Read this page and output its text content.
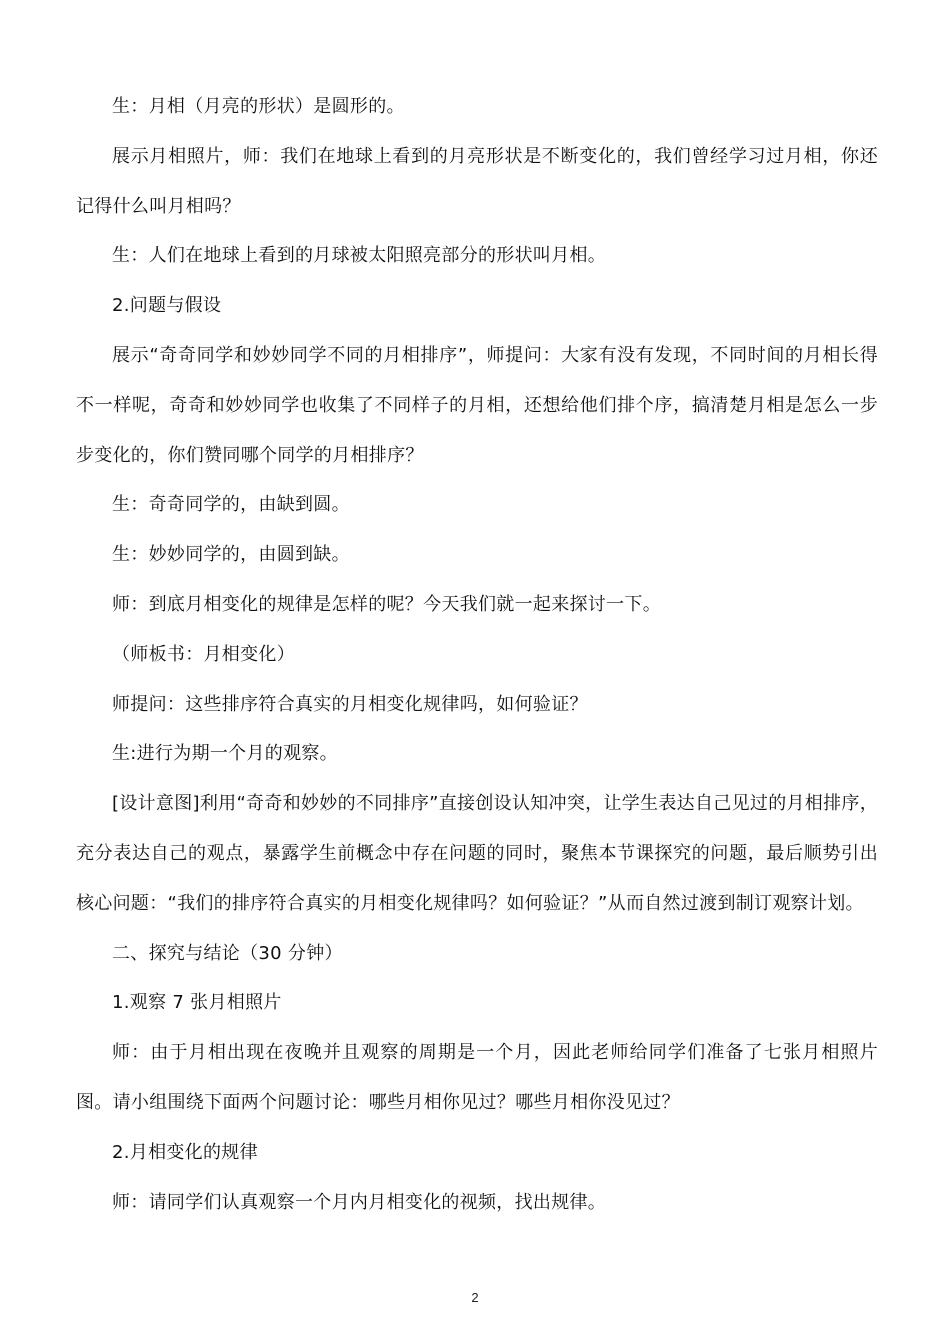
生：月相（月亮的形状）是圆形的。

展示月相照片，师：我们在地球上看到的月亮形状是不断变化的，我们曾经学习过月相，你还记得什么叫月相吗？

生：人们在地球上看到的月球被太阳照亮部分的形状叫月相。

2.问题与假设

展示“奇奇同学和妙妙同学不同的月相排序”，师提问：大家有没有发现，不同时间的月相长得不一样呢，奇奇和妙妙同学也收集了不同样子的月相，还想给他们排个序，搞清楚月相是怎么一步步变化的，你们赞同哪个同学的月相排序？

生：奇奇同学的，由缺到圆。

生：妙妙同学的，由圆到缺。

师：到底月相变化的规律是怎样的呢？今天我们就一起来探讨一下。

（师板书：月相变化）

师提问：这些排序符合真实的月相变化规律吗，如何验证？

生:进行为期一个月的观察。

[设计意图]利用“奇奇和妙妙的不同排序”直接创设认知冲突，让学生表达自己见过的月相排序，充分表达自己的观点，暴露学生前概念中存在问题的同时，聚焦本节课探究的问题，最后顺势引出核心问题：“我们的排序符合真实的月相变化规律吗？如何验证？”从而自然过渡到制订观察计划。

二、探究与结论（30 分钟）

1.观察 7 张月相照片

师：由于月相出现在夜晚并且观察的周期是一个月，因此老师给同学们准备了七张月相照片图。请小组围绕下面两个问题讨论：哪些月相你见过？哪些月相你没见过？

2.月相变化的规律

师：请同学们认真观察一个月内月相变化的视频，找出规律。

2
